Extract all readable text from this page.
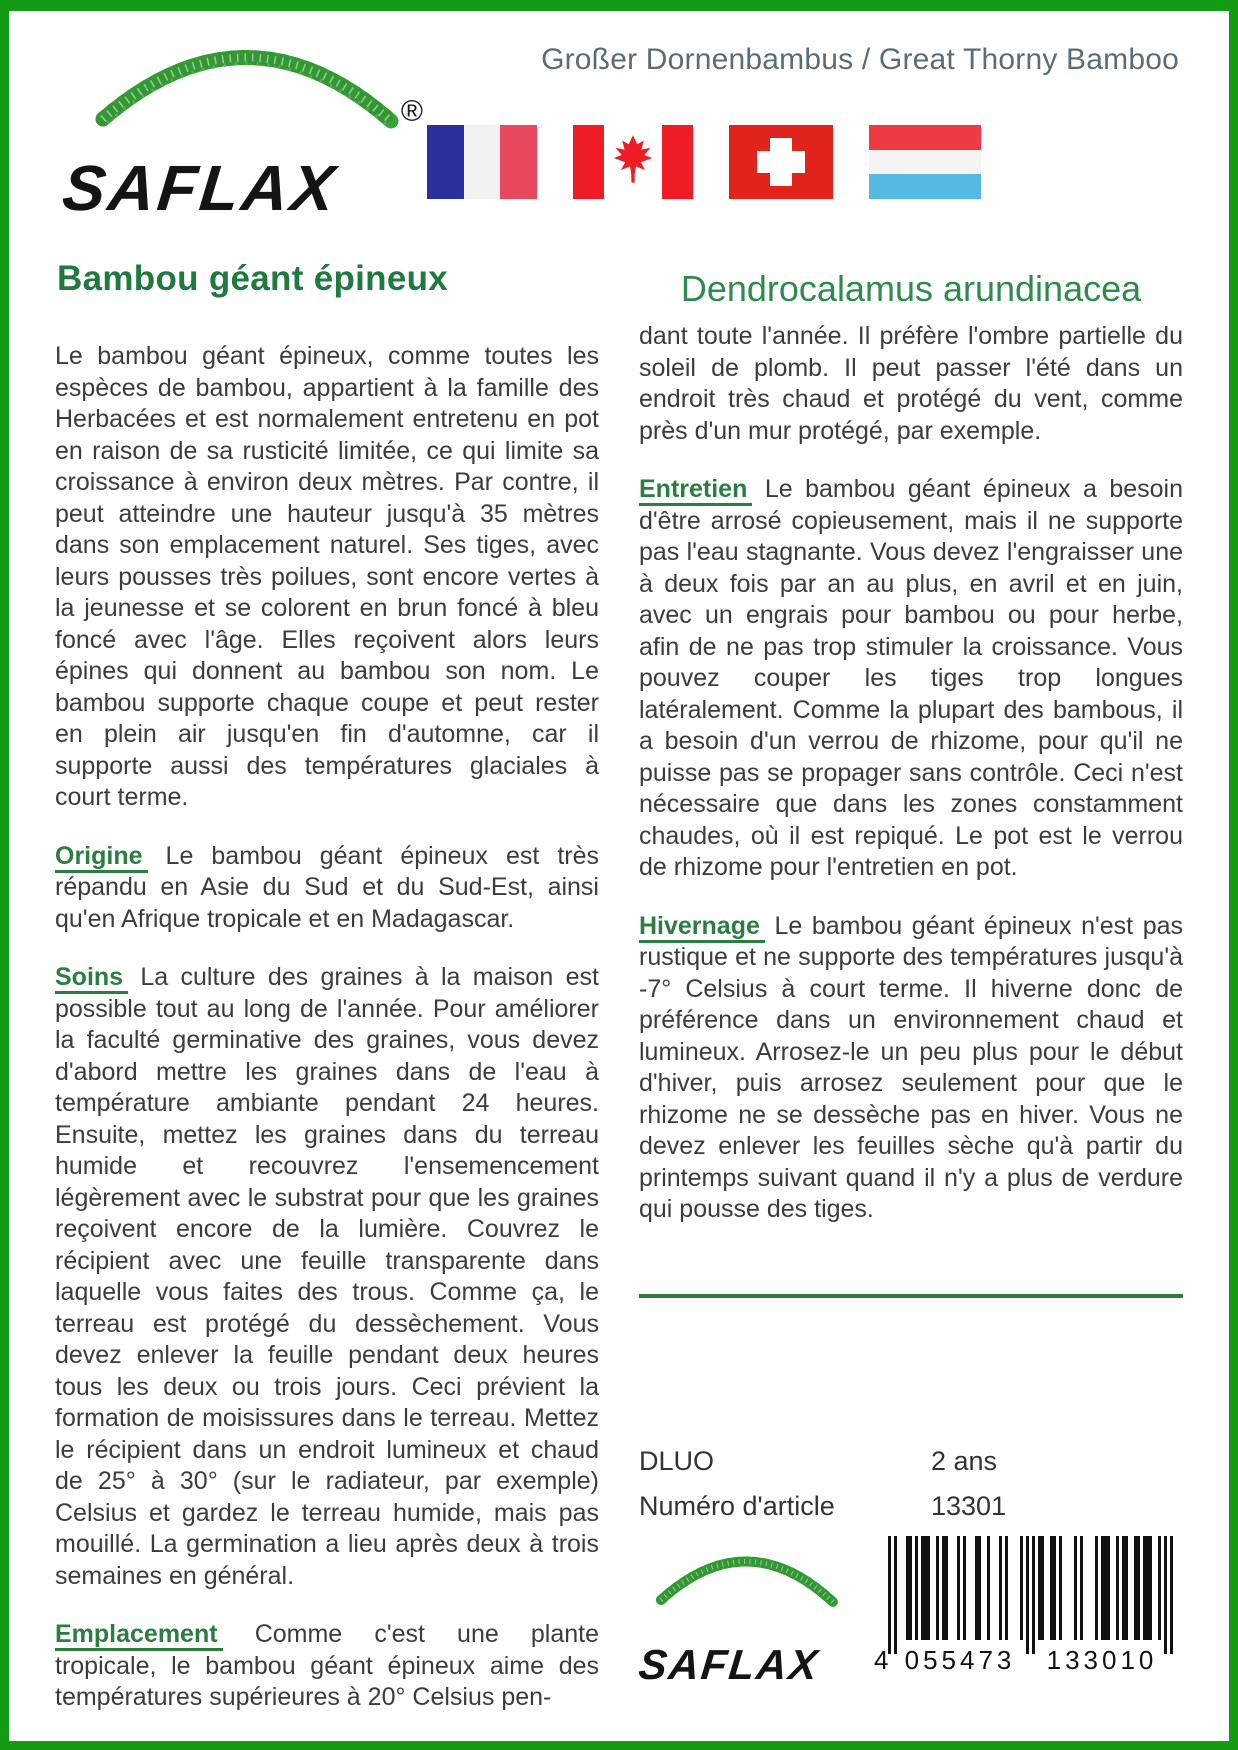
Großer Dornenbambus / Great Thorny Bamboo
SAFLAX
®
Bambou géant épineux

Le bambou géant épineux, comme toutes les espèces de bambou, appartient à la famille des Herbacées et est normalement entretenu en pot en raison de sa rusticité limitée, ce qui limite sa croissance à environ deux mètres. Par contre, il peut atteindre une hauteur jusqu'à 35 mètres dans son emplacement naturel. Ses tiges, avec leurs pousses très poilues, sont encore vertes à la jeunesse et se colorent en brun foncé à bleu foncé avec l'âge. Elles reçoivent alors leurs épines qui donnent au bambou son nom. Le bambou supporte chaque coupe et peut rester en plein air jusqu'en fin d'automne, car il supporte aussi des températures glaciales à court terme.

Origine Le bambou géant épineux est très répandu en Asie du Sud et du Sud-Est, ainsi qu'en Afrique tropicale et en Madagascar.

Soins La culture des graines à la maison est possible tout au long de l'année. Pour améliorer la faculté germinative des graines, vous devez d'abord mettre les graines dans de l'eau à température ambiante pendant 24 heures. Ensuite, mettez les graines dans du terreau humide et recouvrez l'ensemencement légèrement avec le substrat pour que les graines reçoivent encore de la lumière. Couvrez le récipient avec une feuille transparente dans laquelle vous faites des trous. Comme ça, le terreau est protégé du dessèchement. Vous devez enlever la feuille pendant deux heures tous les deux ou trois jours. Ceci prévient la formation de moisissures dans le terreau. Mettez le récipient dans un endroit lumineux et chaud de 25° à 30° (sur le radiateur, par exemple) Celsius et gardez le terreau humide, mais pas mouillé. La germination a lieu après deux à trois semaines en général.

Emplacement Comme c'est une plante tropicale, le bambou géant épineux aime des températures supérieures à 20° Celsius pen-

Dendrocalamus arundinacea

dant toute l'année. Il préfère l'ombre partielle du soleil de plomb. Il peut passer l'été dans un endroit très chaud et protégé du vent, comme près d'un mur protégé, par exemple.

Entretien Le bambou géant épineux a besoin d'être arrosé copieusement, mais il ne supporte pas l'eau stagnante. Vous devez l'engraisser une à deux fois par an au plus, en avril et en juin, avec un engrais pour bambou ou pour herbe, afin de ne pas trop stimuler la croissance. Vous pouvez couper les tiges trop longues latéralement. Comme la plupart des bambous, il a besoin d'un verrou de rhizome, pour qu'il ne puisse pas se propager sans contrôle. Ceci n'est nécessaire que dans les zones constamment chaudes, où il est repiqué. Le pot est le verrou de rhizome pour l'entretien en pot.

Hivernage Le bambou géant épineux n'est pas rustique et ne supporte des températures jusqu'à -7° Celsius à court terme. Il hiverne donc de préférence dans un environnement chaud et lumineux. Arrosez-le un peu plus pour le début d'hiver, puis arrosez seulement pour que le rhizome ne se dessèche pas en hiver. Vous ne devez enlever les feuilles sèche qu'à partir du printemps suivant quand il n'y a plus de verdure qui pousse des tiges.

DLUO	2 ans
Numéro d'article	13301
SAFLAX 4 055473 133010
